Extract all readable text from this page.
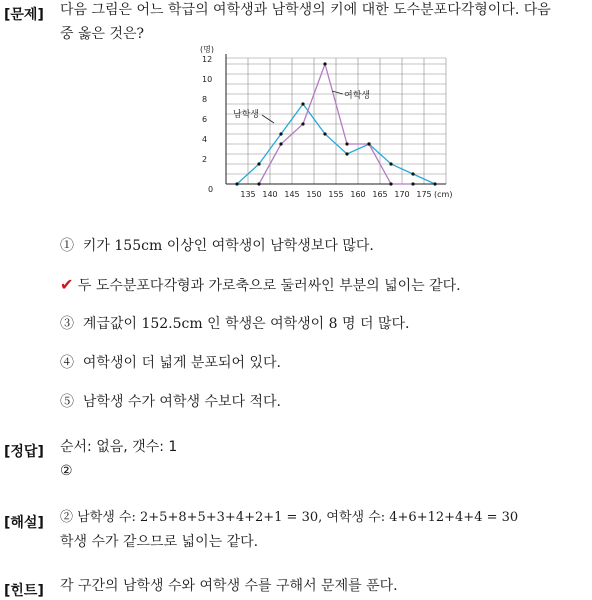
[문제] 다음 그림은 어느 학급의 여학생과 남학생의 키에 대한 도수분포다각형이다. 다음
중 옳은 것은?
0
2
4
6
8
10
12
135 140 145 150 155 160 165 170 175
(명)
(cm)
남학생
여학생
① 키가 155cm 이상인 여학생이 남학생보다 많다.
✔ 두 도수분포다각형과 가로축으로 둘러싸인 부분의 넓이는 같다.
③ 계급값이 152.5cm 인 학생은 여학생이 8 명 더 많다.
④ 여학생이 더 넓게 분포되어 있다.
⑤ 남학생 수가 여학생 수보다 적다.
[정답] 순서: 없음, 갯수: 1
②
[해설] ② 남학생 수: 2+5+8+5+3+4+2+1 = 30, 여학생 수: 4+6+12+4+4 = 30
학생 수가 같으므로 넓이는 같다.
[힌트] 각 구간의 남학생 수와 여학생 수를 구해서 문제를 푼다.
